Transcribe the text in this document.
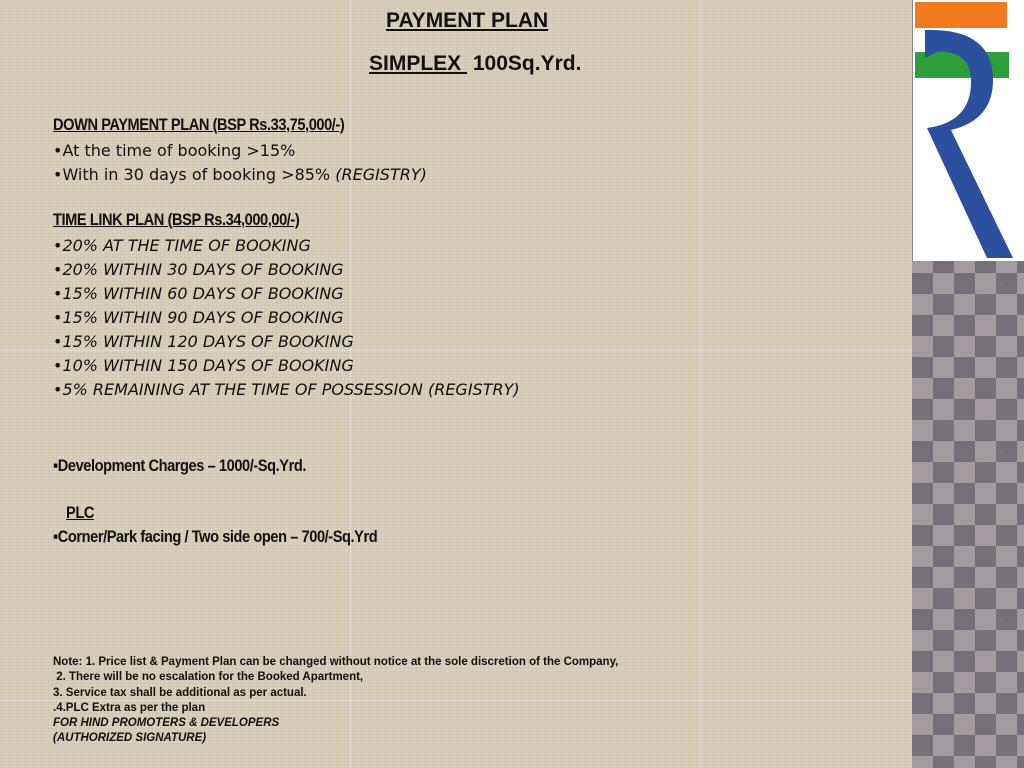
PAYMENT PLAN
SIMPLEX  100Sq.Yrd.
DOWN PAYMENT PLAN (BSP Rs.33,75,000/-)
•At the time of booking >15%
•With in 30 days of booking >85% (REGISTRY)
TIME LINK PLAN (BSP Rs.34,000,00/-)
•20% AT THE TIME OF BOOKING
•20% WITHIN 30 DAYS OF BOOKING
•15% WITHIN 60 DAYS OF BOOKING
•15% WITHIN 90 DAYS OF BOOKING
•15% WITHIN 120 DAYS OF BOOKING
•10% WITHIN 150 DAYS OF BOOKING
•5% REMAINING AT THE TIME OF POSSESSION (REGISTRY)
▪Development Charges – 1000/-Sq.Yrd.
PLC
▪Corner/Park facing / Two side open – 700/-Sq.Yrd
Note: 1. Price list & Payment Plan can be changed without notice at the sole discretion of the Company,
2. There will be no escalation for the Booked Apartment,
3. Service tax shall be additional as per actual.
.4.PLC Extra as per the plan
FOR HIND PROMOTERS & DEVELOPERS
(AUTHORIZED SIGNATURE)
